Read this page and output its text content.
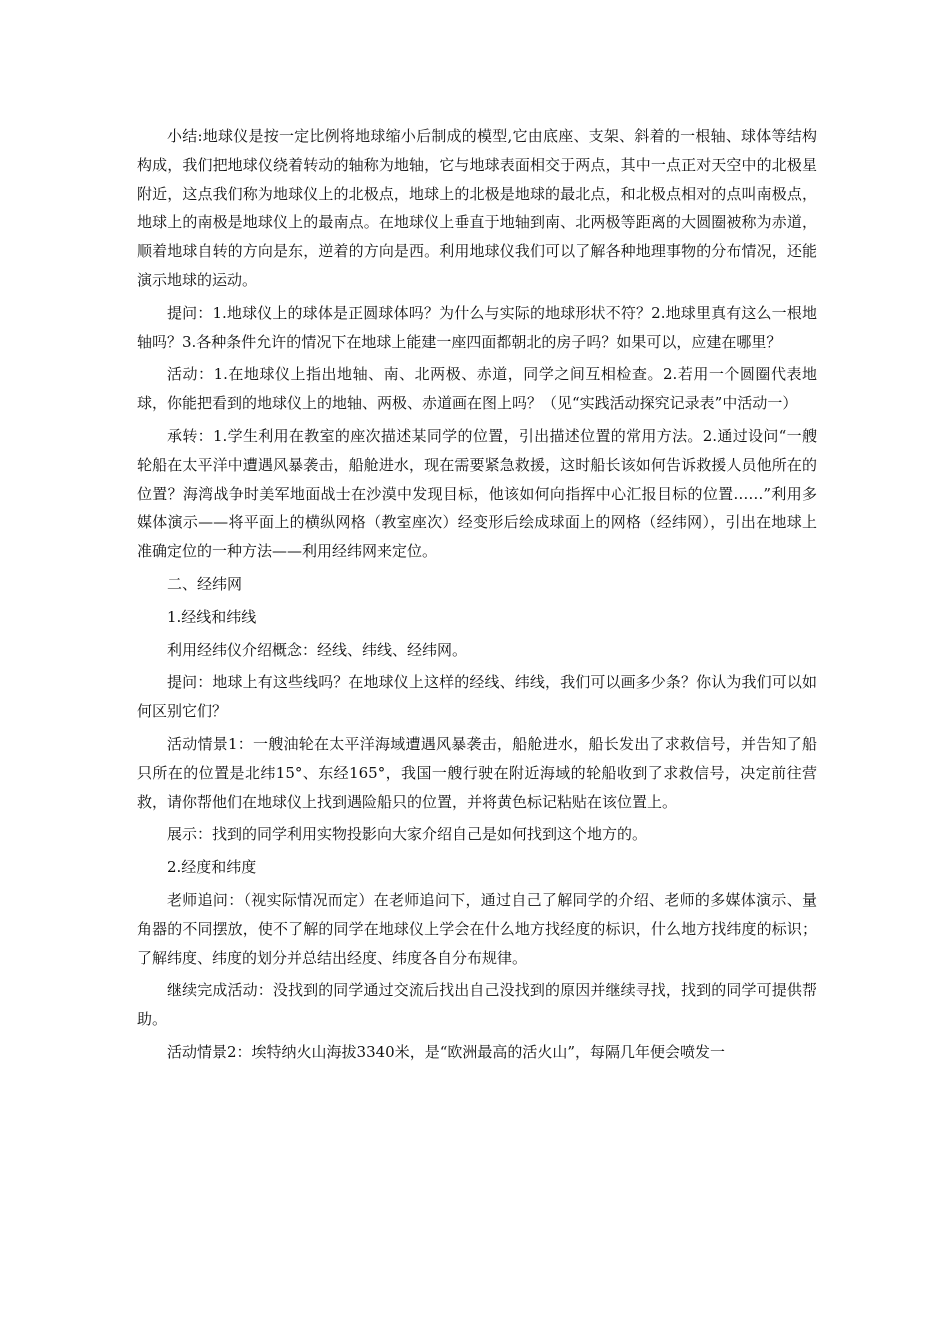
小结:地球仪是按一定比例将地球缩小后制成的模型,它由底座、支架、斜着的一根轴、球体等结构构成，我们把地球仪绕着转动的轴称为地轴，它与地球表面相交于两点，其中一点正对天空中的北极星附近，这点我们称为地球仪上的北极点，地球上的北极是地球的最北点，和北极点相对的点叫南极点，地球上的南极是地球仪上的最南点。在地球仪上垂直于地轴到南、北两极等距离的大圆圈被称为赤道，顺着地球自转的方向是东，逆着的方向是西。利用地球仪我们可以了解各种地理事物的分布情况，还能演示地球的运动。

提问：1.地球仪上的球体是正圆球体吗？为什么与实际的地球形状不符？2.地球里真有这么一根地轴吗？3.各种条件允许的情况下在地球上能建一座四面都朝北的房子吗？如果可以，应建在哪里？

活动：1.在地球仪上指出地轴、南、北两极、赤道，同学之间互相检查。2.若用一个圆圈代表地球，你能把看到的地球仪上的地轴、两极、赤道画在图上吗？（见“实践活动探究记录表”中活动一）

承转：1.学生利用在教室的座次描述某同学的位置，引出描述位置的常用方法。2.通过设问“一艘轮船在太平洋中遭遇风暴袭击，船舱进水，现在需要紧急救援，这时船长该如何告诉救援人员他所在的位置？海湾战争时美军地面战士在沙漠中发现目标，他该如何向指挥中心汇报目标的位置……”利用多媒体演示——将平面上的横纵网格（教室座次）经变形后绘成球面上的网格（经纬网），引出在地球上准确定位的一种方法——利用经纬网来定位。

二、经纬网

1.经线和纬线

利用经纬仪介绍概念：经线、纬线、经纬网。

提问：地球上有这些线吗？在地球仪上这样的经线、纬线，我们可以画多少条？你认为我们可以如何区别它们？

活动情景1：一艘油轮在太平洋海域遭遇风暴袭击，船舱进水，船长发出了求救信号，并告知了船只所在的位置是北纬15°、东经165°，我国一艘行驶在附近海域的轮船收到了求救信号，决定前往营救，请你帮他们在地球仪上找到遇险船只的位置，并将黄色标记粘贴在该位置上。

展示：找到的同学利用实物投影向大家介绍自己是如何找到这个地方的。

2.经度和纬度

老师追问：（视实际情况而定）在老师追问下，通过自己了解同学的介绍、老师的多媒体演示、量角器的不同摆放，使不了解的同学在地球仪上学会在什么地方找经度的标识，什么地方找纬度的标识；了解纬度、纬度的划分并总结出经度、纬度各自分布规律。

继续完成活动：没找到的同学通过交流后找出自己没找到的原因并继续寻找，找到的同学可提供帮助。

活动情景2：埃特纳火山海拔3340米，是“欧洲最高的活火山”，每隔几年便会喷发一
